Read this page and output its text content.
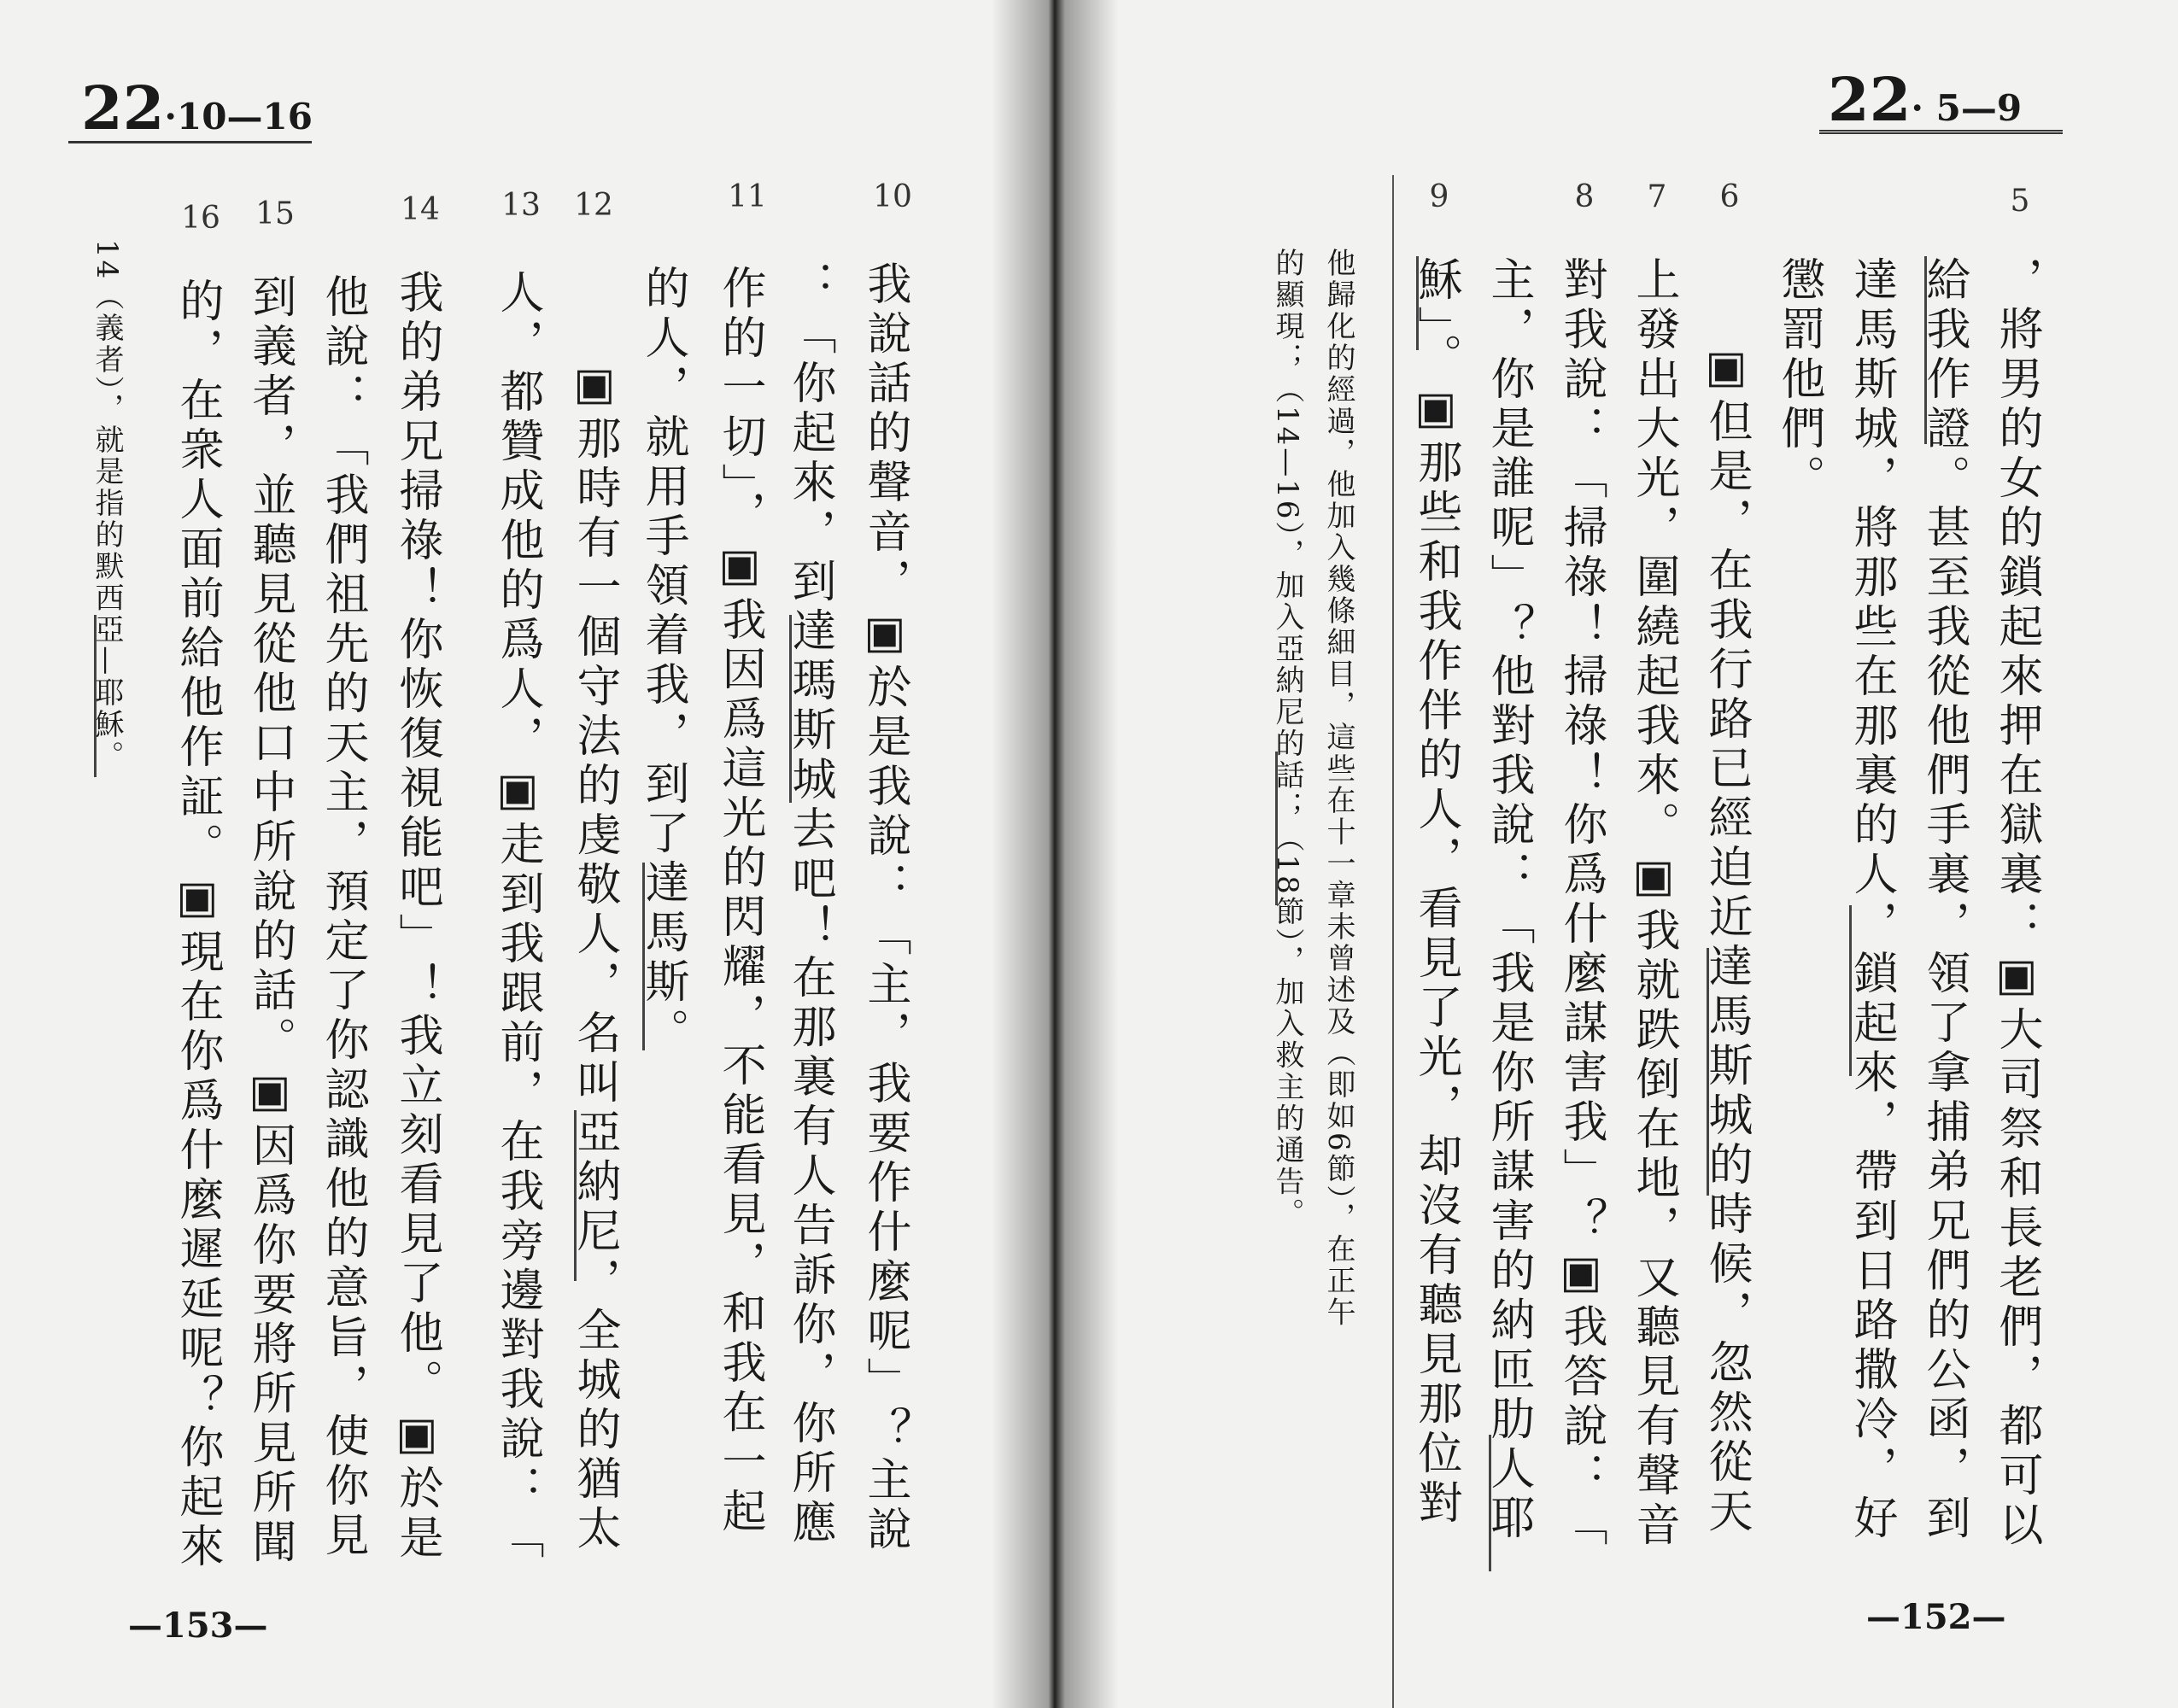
22·10—16
10
11
12
13
14
15
16
我說話的聲音，▣於是我說：「主，我要作什麼呢」？主說
：「你起來，到達瑪斯城去吧！在那裏有人告訴你，你所應
作的一切」，▣我因爲這光的閃耀，不能看見，和我在一起
的人，就用手領着我，到了達馬斯。
人，都贊成他的爲人，▣走到我跟前，在我旁邊對我說：「 ▣那時有一個守法的虔敬人，名叫亞納尼，全城的猶太
我的弟兄掃祿！你恢復視能吧」！我立刻看見了他。▣於是
他說：「我們祖先的天主，預定了你認識他的意旨，使你見
到義者，並聽見從他口中所說的話。▣因爲你要將所見所聞
的，在衆人面前給他作証。▣現在你爲什麼遲延呢？你起來
14（義者），就是指的默西亞—耶穌。
—153—
22· 5—9
5
6
7
8
9
，將男的女的鎖起來押在獄裏：▣大司祭和長老們，都可以
給我作證。甚至我從他們手裏，領了拿捕弟兄們的公函，到
達馬斯城，將那些在那裏的人，鎖起來，帶到日路撒冷，好
懲罰他們。
▣但是，在我行路已經迫近達馬斯城的時候，忽然從天
上發出大光，圍繞起我來。▣我就跌倒在地，又聽見有聲音
對我說：「掃祿！掃祿！你爲什麼謀害我」？▣我答說：「
主，你是誰呢」？他對我說：「我是你所謀害的納匝肋人耶
穌」。▣那些和我作伴的人，看見了光，却沒有聽見那位對
他歸化的經過，他加入幾條細目，這些在十一章未曾述及（即如6節），在正午
的顯現；（14—16），加入亞納尼的話；（18節），加入救主的通告。
—152—
